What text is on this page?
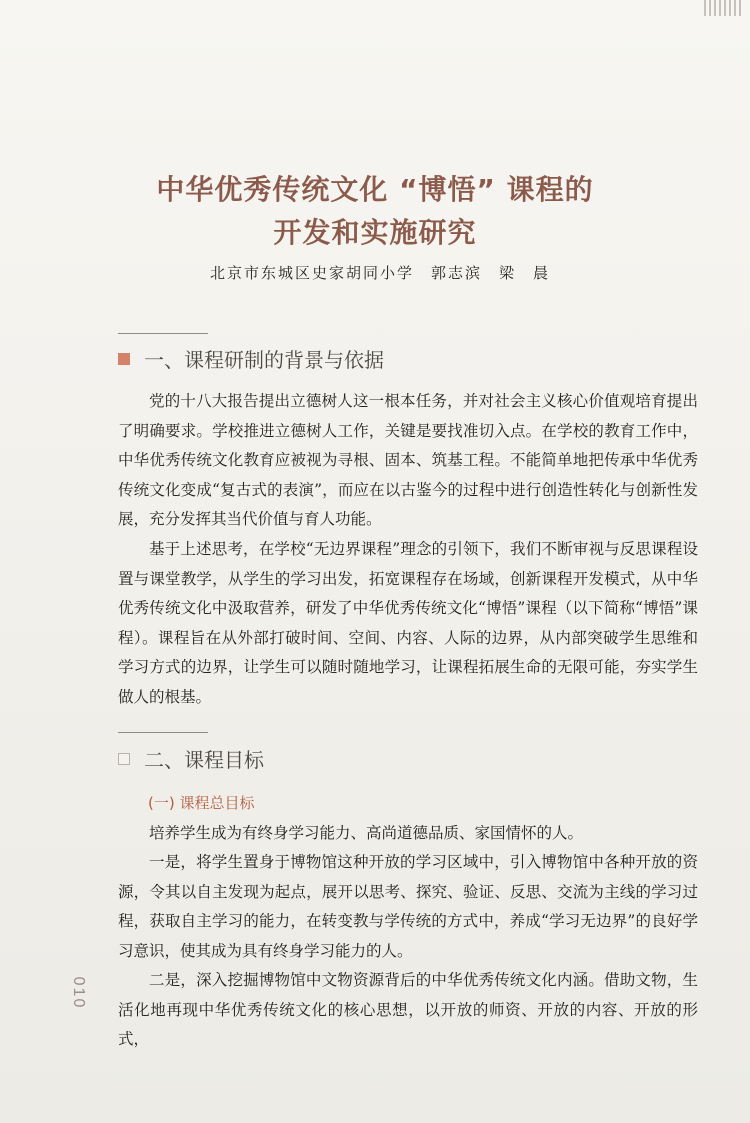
中华优秀传统文化 “博悟” 课程的
开发和实施研究
北京市东城区史家胡同小学　郭志滨　梁　晨
一、课程研制的背景与依据

党的十八大报告提出立德树人这一根本任务，并对社会主义核心价值观培育提出了明确要求。学校推进立德树人工作，关键是要找准切入点。在学校的教育工作中，中华优秀传统文化教育应被视为寻根、固本、筑基工程。不能简单地把传承中华优秀传统文化变成“复古式的表演”，而应在以古鉴今的过程中进行创造性转化与创新性发展，充分发挥其当代价值与育人功能。

基于上述思考，在学校“无边界课程”理念的引领下，我们不断审视与反思课程设置与课堂教学，从学生的学习出发，拓宽课程存在场域，创新课程开发模式，从中华优秀传统文化中汲取营养，研发了中华优秀传统文化“博悟”课程（以下简称“博悟”课程）。课程旨在从外部打破时间、空间、内容、人际的边界，从内部突破学生思维和学习方式的边界，让学生可以随时随地学习，让课程拓展生命的无限可能，夯实学生做人的根基。

二、课程目标
(一) 课程总目标

培养学生成为有终身学习能力、高尚道德品质、家国情怀的人。

一是，将学生置身于博物馆这种开放的学习区域中，引入博物馆中各种开放的资源，令其以自主发现为起点，展开以思考、探究、验证、反思、交流为主线的学习过程，获取自主学习的能力，在转变教与学传统的方式中，养成“学习无边界”的良好学习意识，使其成为具有终身学习能力的人。

二是，深入挖掘博物馆中文物资源背后的中华优秀传统文化内涵。借助文物，生活化地再现中华优秀传统文化的核心思想，以开放的师资、开放的内容、开放的形式，

010
